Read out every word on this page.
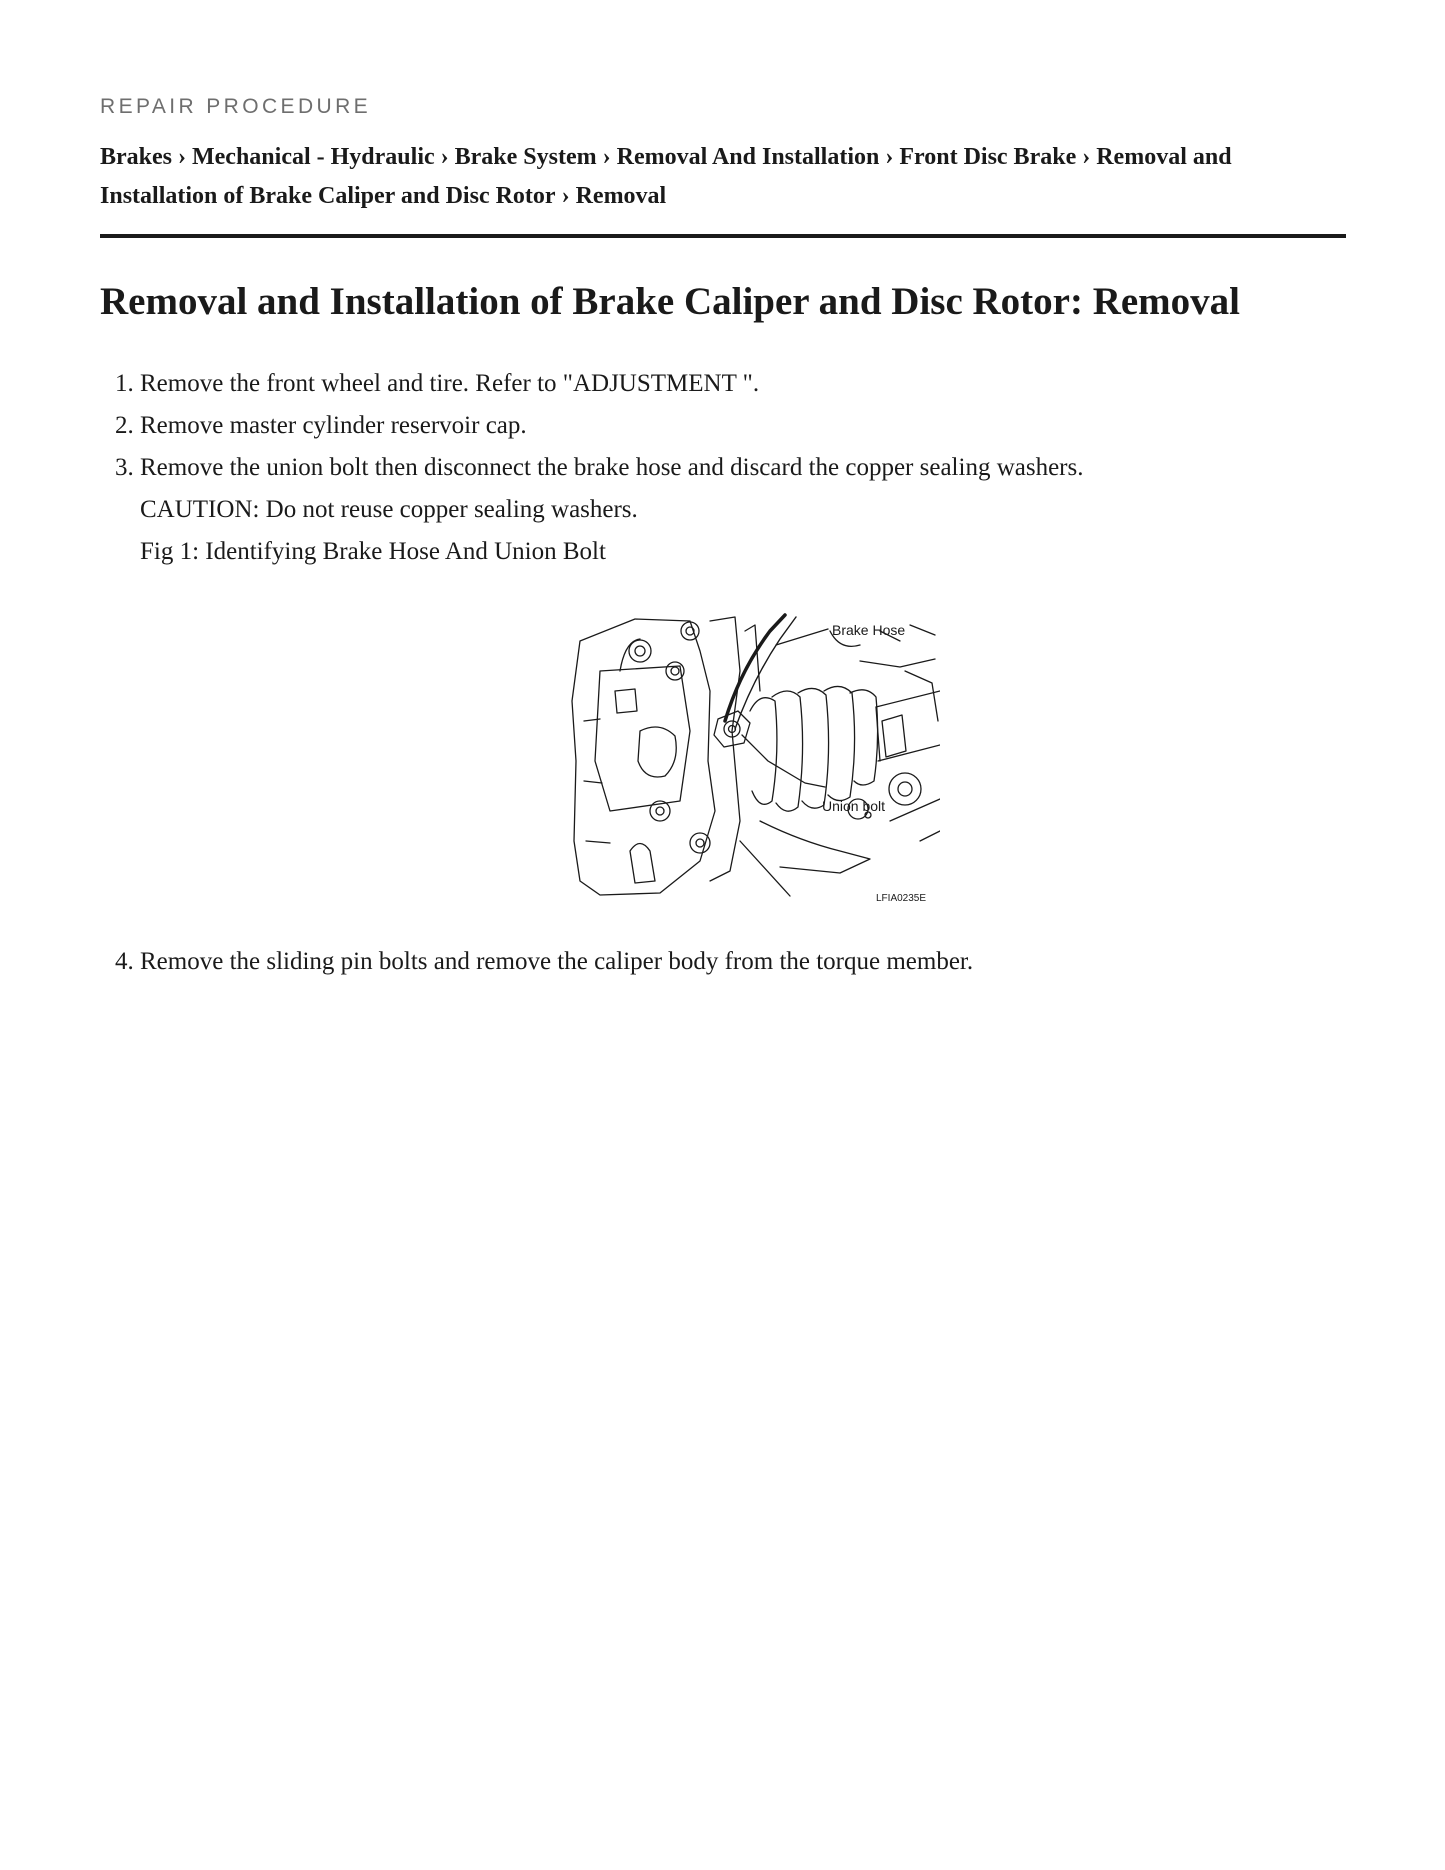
REPAIR PROCEDURE

Brakes › Mechanical - Hydraulic › Brake System › Removal And Installation › Front Disc Brake › Removal and Installation of Brake Caliper and Disc Rotor › Removal

Removal and Installation of Brake Caliper and Disc Rotor: Removal
1. Remove the front wheel and tire. Refer to "ADJUSTMENT ".
2. Remove master cylinder reservoir cap.
3. Remove the union bolt then disconnect the brake hose and discard the copper sealing washers.
CAUTION: Do not reuse copper sealing washers.
Fig 1: Identifying Brake Hose And Union Bolt
Brake Hose
Union bolt
LFIA0235E
4. Remove the sliding pin bolts and remove the caliper body from the torque member.
